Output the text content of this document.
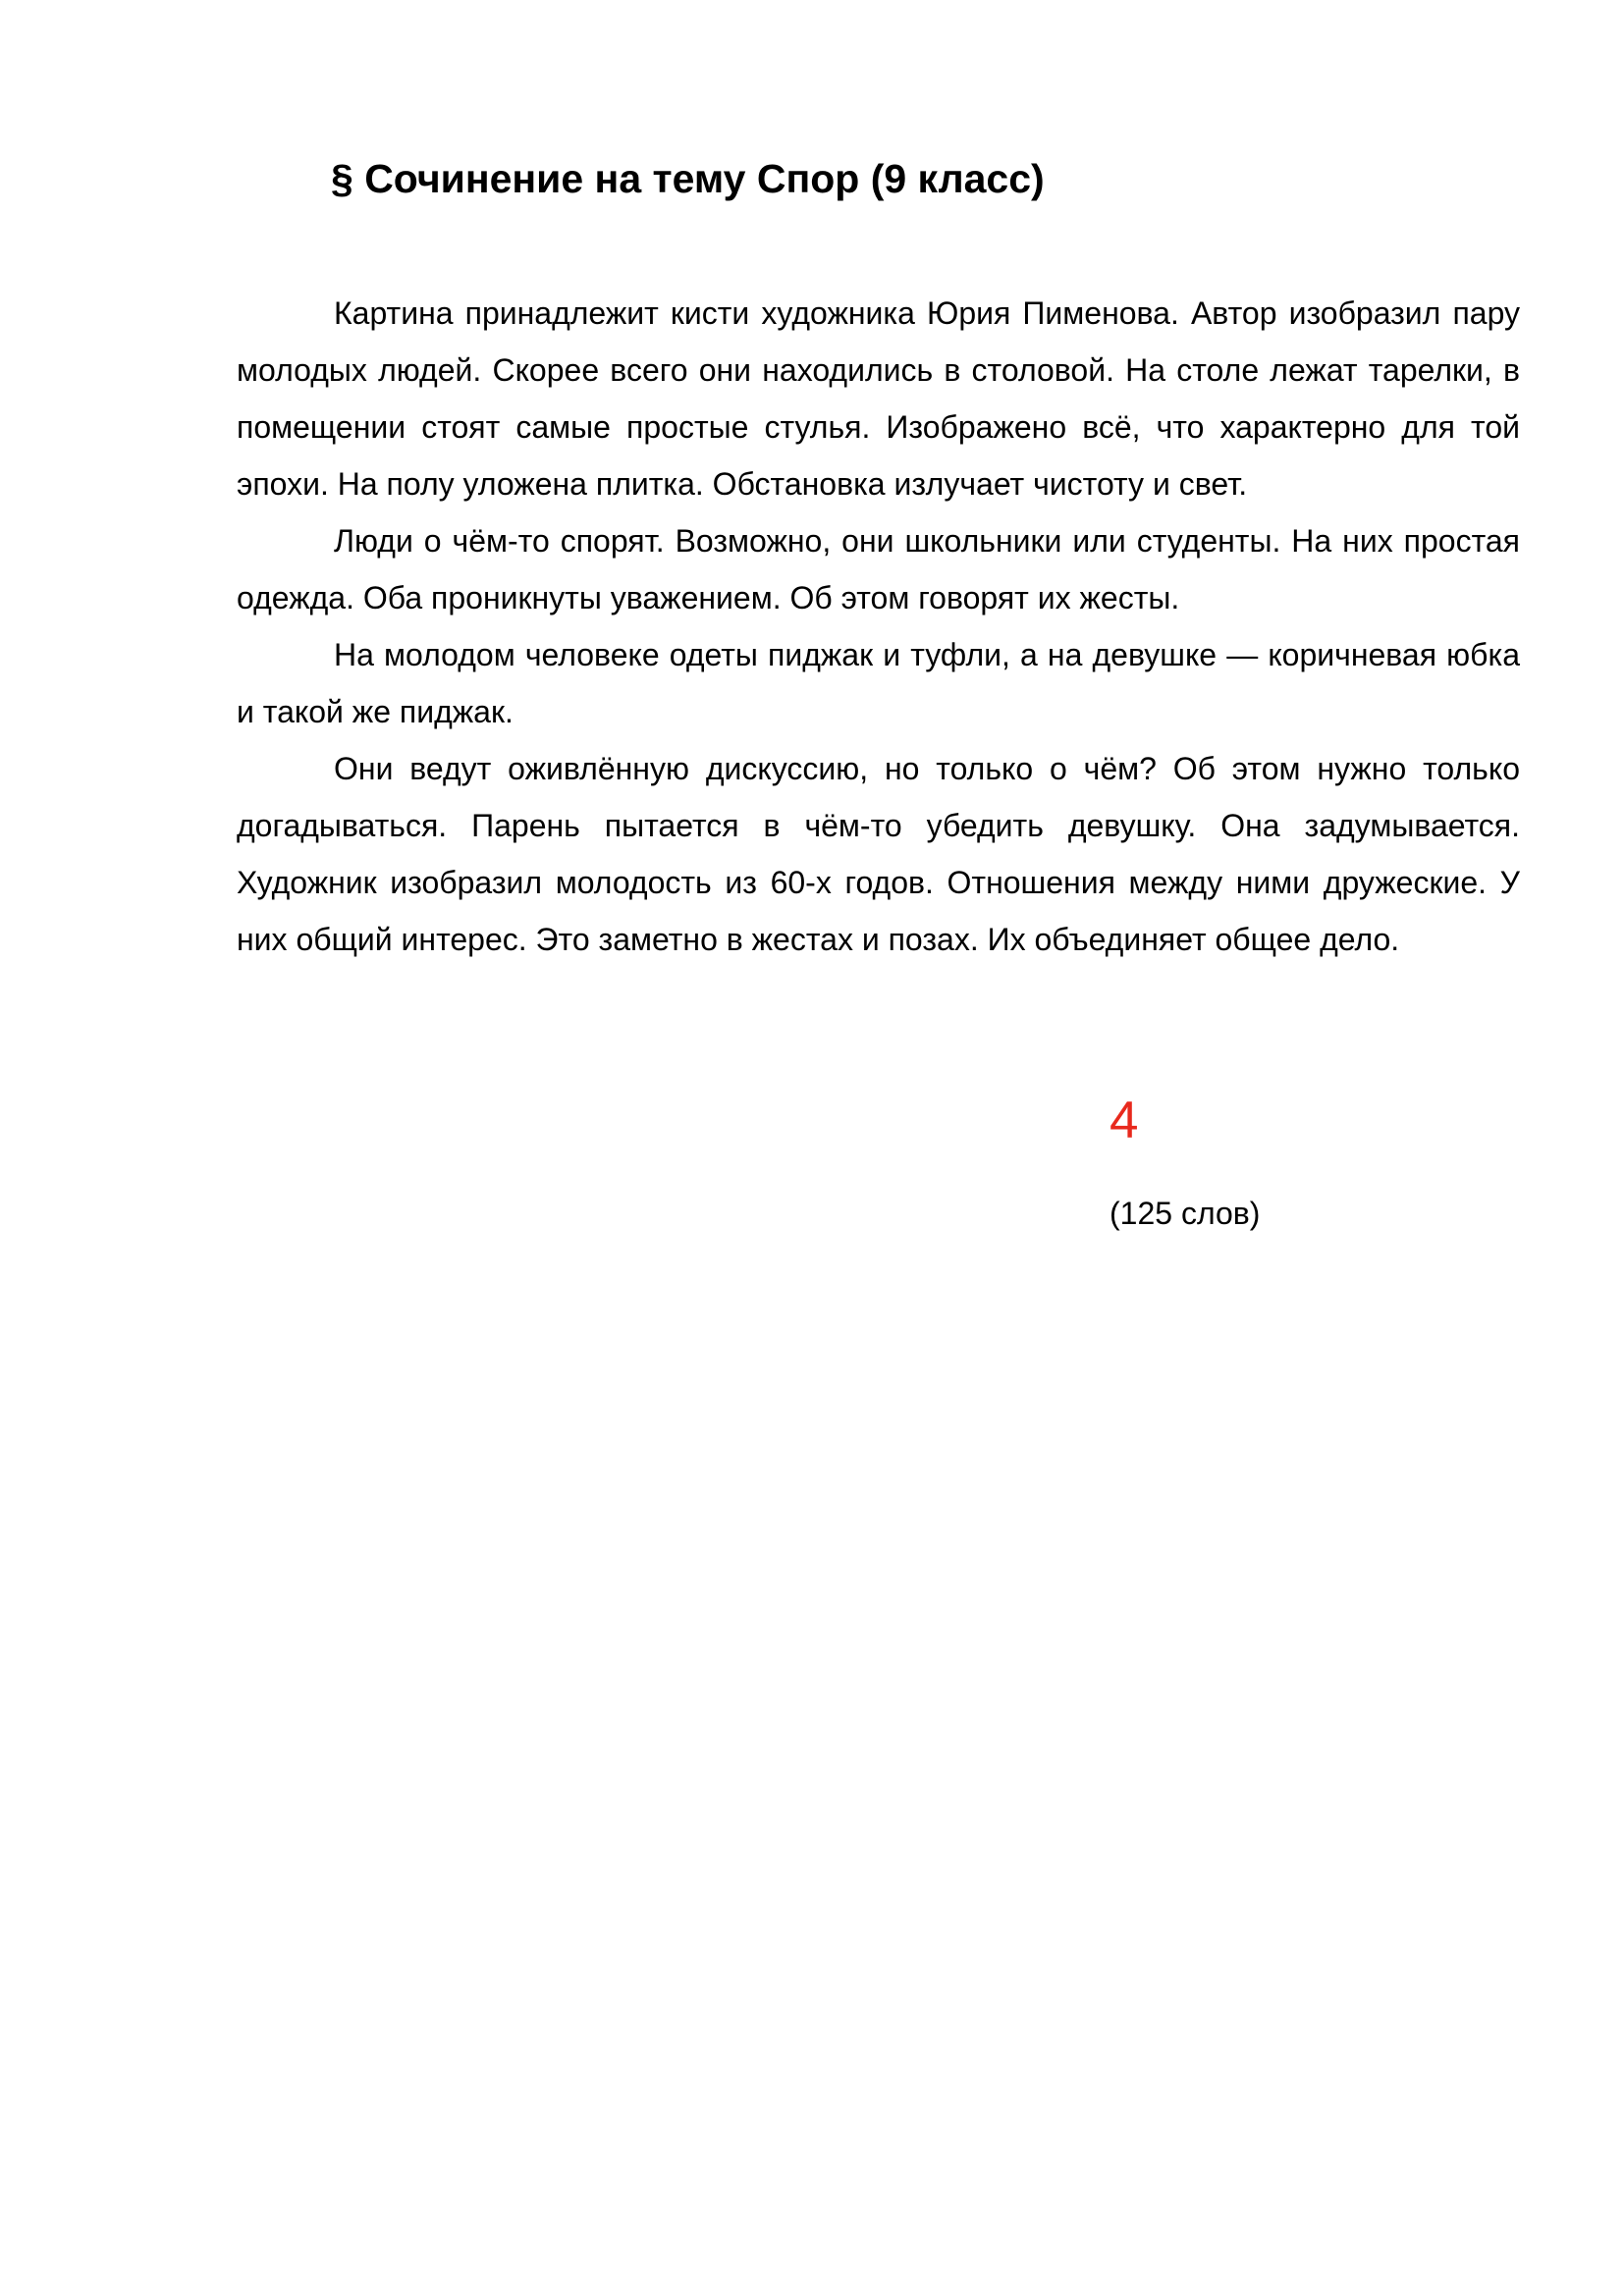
§ Сочинение на тему Спор (9 класс)

Картина принадлежит кисти художника Юрия Пименова. Автор изобразил пару молодых людей. Скорее всего они находились в столовой. На столе лежат тарелки, в помещении стоят самые простые стулья. Изображено всё, что характерно для той эпохи. На полу уложена плитка. Обстановка излучает чистоту и свет.

Люди о чём-то спорят. Возможно, они школьники или студенты. На них простая одежда. Оба проникнуты уважением. Об этом говорят их жесты.

На молодом человеке одеты пиджак и туфли, а на девушке — коричневая юбка и такой же пиджак.

Они ведут оживлённую дискуссию, но только о чём? Об этом нужно только догадываться. Парень пытается в чём-то убедить девушку. Она задумывается. Художник изобразил молодость из 60-х годов. Отношения между ними дружеские. У них общий интерес. Это заметно в жестах и позах. Их объединяет общее дело.

4
(125 слов)
